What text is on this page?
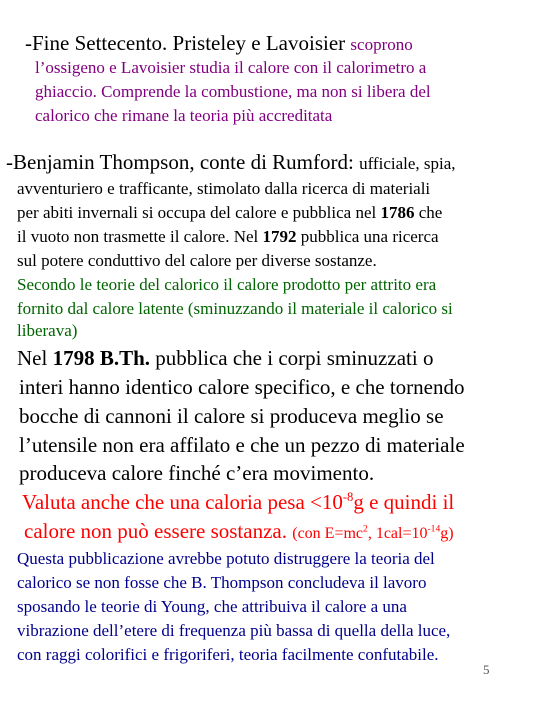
-Fine Settecento. Pristeley e Lavoisier scoprono
l’ossigeno e Lavoisier studia il calore con il calorimetro a
ghiaccio. Comprende la combustione, ma non si libera del
calorico che rimane la teoria più accreditata
-Benjamin Thompson, conte di Rumford: ufficiale, spia,
avventuriero e trafficante, stimolato dalla ricerca di materiali
per abiti invernali si occupa del calore e pubblica nel 1786 che
il vuoto non trasmette il calore. Nel 1792 pubblica una ricerca
sul potere conduttivo del calore per diverse sostanze.
Secondo le teorie del calorico il calore prodotto per attrito era
fornito dal calore latente (sminuzzando il materiale il calorico si
liberava)
Nel 1798 B.Th. pubblica che i corpi sminuzzati o
interi hanno identico calore specifico, e che tornendo
bocche di cannoni il calore si produceva meglio se
l’utensile non era affilato e che un pezzo di materiale
produceva calore finché c’era movimento.
Valuta anche che una caloria pesa $<10^{-8}g$ e quindi il
calore non può essere sostanza. (con $E=mc^2$, $1cal=10^{-14}g$)
Questa pubblicazione avrebbe potuto distruggere la teoria del
calorico se non fosse che B. Thompson concludeva il lavoro
sposando le teorie di Young, che attribuiva il calore a una
vibrazione dell’etere di frequenza più bassa di quella della luce,
con raggi colorifici e frigoriferi, teoria facilmente confutabile.
5
